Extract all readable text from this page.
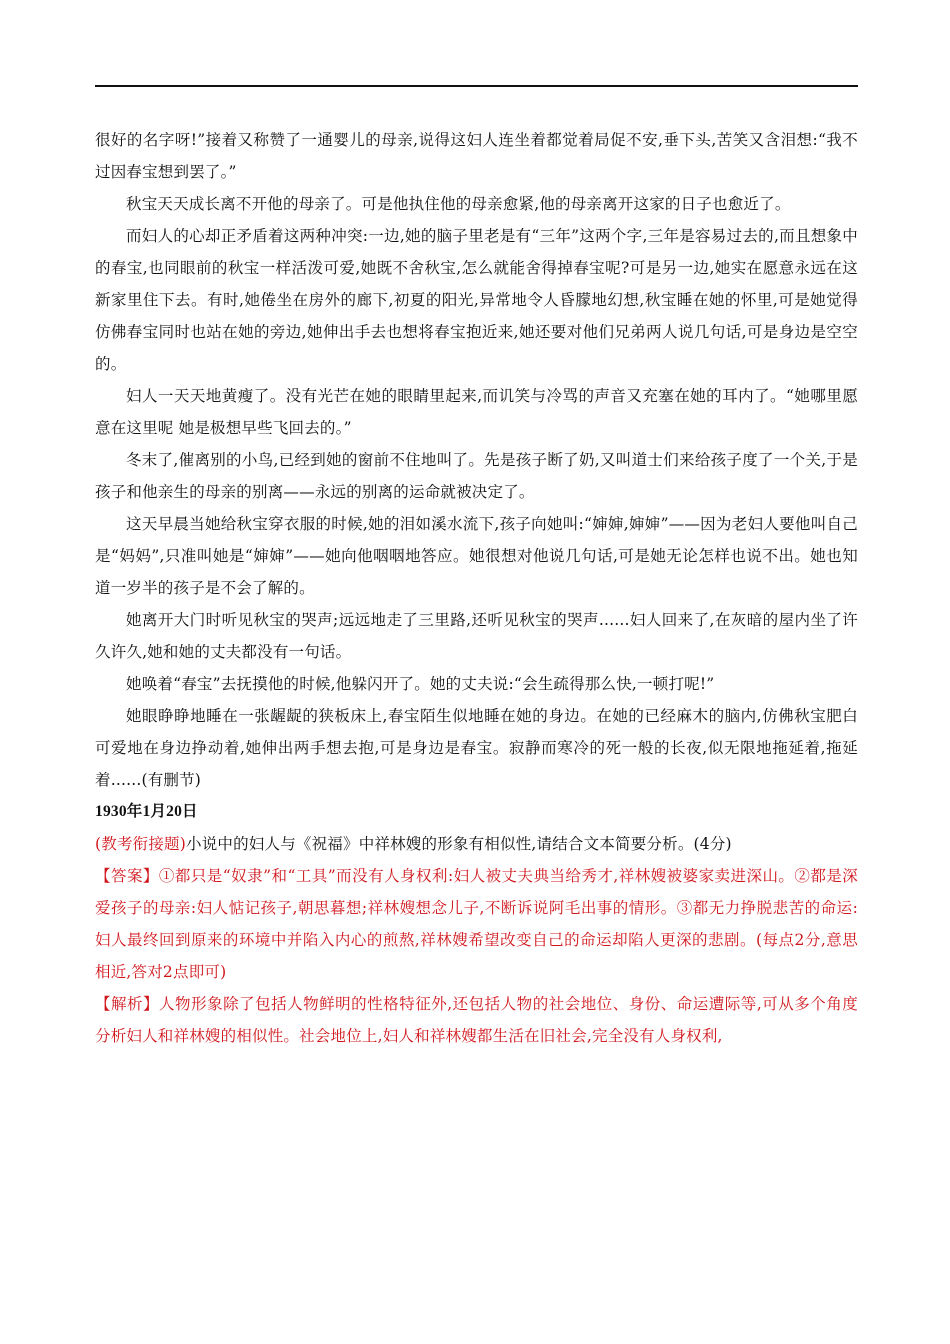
很好的名字呀!”接着又称赞了一通婴儿的母亲,说得这妇人连坐着都觉着局促不安,垂下头,苦笑又含泪想:“我不过因春宝想到罢了。”

秋宝天天成长离不开他的母亲了。可是他执住他的母亲愈紧,他的母亲离开这家的日子也愈近了。

而妇人的心却正矛盾着这两种冲突:一边,她的脑子里老是有“三年”这两个字,三年是容易过去的,而且想象中的春宝,也同眼前的秋宝一样活泼可爱,她既不舍秋宝,怎么就能舍得掉春宝呢?可是另一边,她实在愿意永远在这新家里住下去。有时,她倦坐在房外的廊下,初夏的阳光,异常地令人昏朦地幻想,秋宝睡在她的怀里,可是她觉得仿佛春宝同时也站在她的旁边,她伸出手去也想将春宝抱近来,她还要对他们兄弟两人说几句话,可是身边是空空的。

妇人一天天地黄瘦了。没有光芒在她的眼睛里起来,而讥笑与冷骂的声音又充塞在她的耳内了。“她哪里愿意在这里呢 她是极想早些飞回去的。”

冬末了,催离别的小鸟,已经到她的窗前不住地叫了。先是孩子断了奶,又叫道士们来给孩子度了一个关,于是孩子和他亲生的母亲的别离——永远的别离的运命就被决定了。

这天早晨当她给秋宝穿衣服的时候,她的泪如溪水流下,孩子向她叫:“婶婶,婶婶”——因为老妇人要他叫自己是“妈妈”,只准叫她是“婶婶”——她向他咽咽地答应。她很想对他说几句话,可是她无论怎样也说不出。她也知道一岁半的孩子是不会了解的。

她离开大门时听见秋宝的哭声;远远地走了三里路,还听见秋宝的哭声......妇人回来了,在灰暗的屋内坐了许久许久,她和她的丈夫都没有一句话。

她唤着“春宝”去抚摸他的时候,他躲闪开了。她的丈夫说:“会生疏得那么快,一顿打呢!”

她眼睁睁地睡在一张龌龊的狭板床上,春宝陌生似地睡在她的身边。在她的已经麻木的脑内,仿佛秋宝肥白可爱地在身边挣动着,她伸出两手想去抱,可是身边是春宝。寂静而寒冷的死一般的长夜,似无限地拖延着,拖延着......(有删节)

1930年1月20日

(教考衔接题)小说中的妇人与《祝福》中祥林嫂的形象有相似性,请结合文本简要分析。(4分)

【答案】①都只是“奴隶”和“工具”而没有人身权利:妇人被丈夫典当给秀才,祥林嫂被婆家卖进深山。②都是深爱孩子的母亲:妇人惦记孩子,朝思暮想;祥林嫂想念儿子,不断诉说阿毛出事的情形。③都无力挣脱悲苦的命运:妇人最终回到原来的环境中并陷入内心的煎熬,祥林嫂希望改变自己的命运却陷人更深的悲剧。(每点2分,意思相近,答对2点即可)

【解析】人物形象除了包括人物鲜明的性格特征外,还包括人物的社会地位、身份、命运遭际等,可从多个角度分析妇人和祥林嫂的相似性。社会地位上,妇人和祥林嫂都生活在旧社会,完全没有人身权利,
